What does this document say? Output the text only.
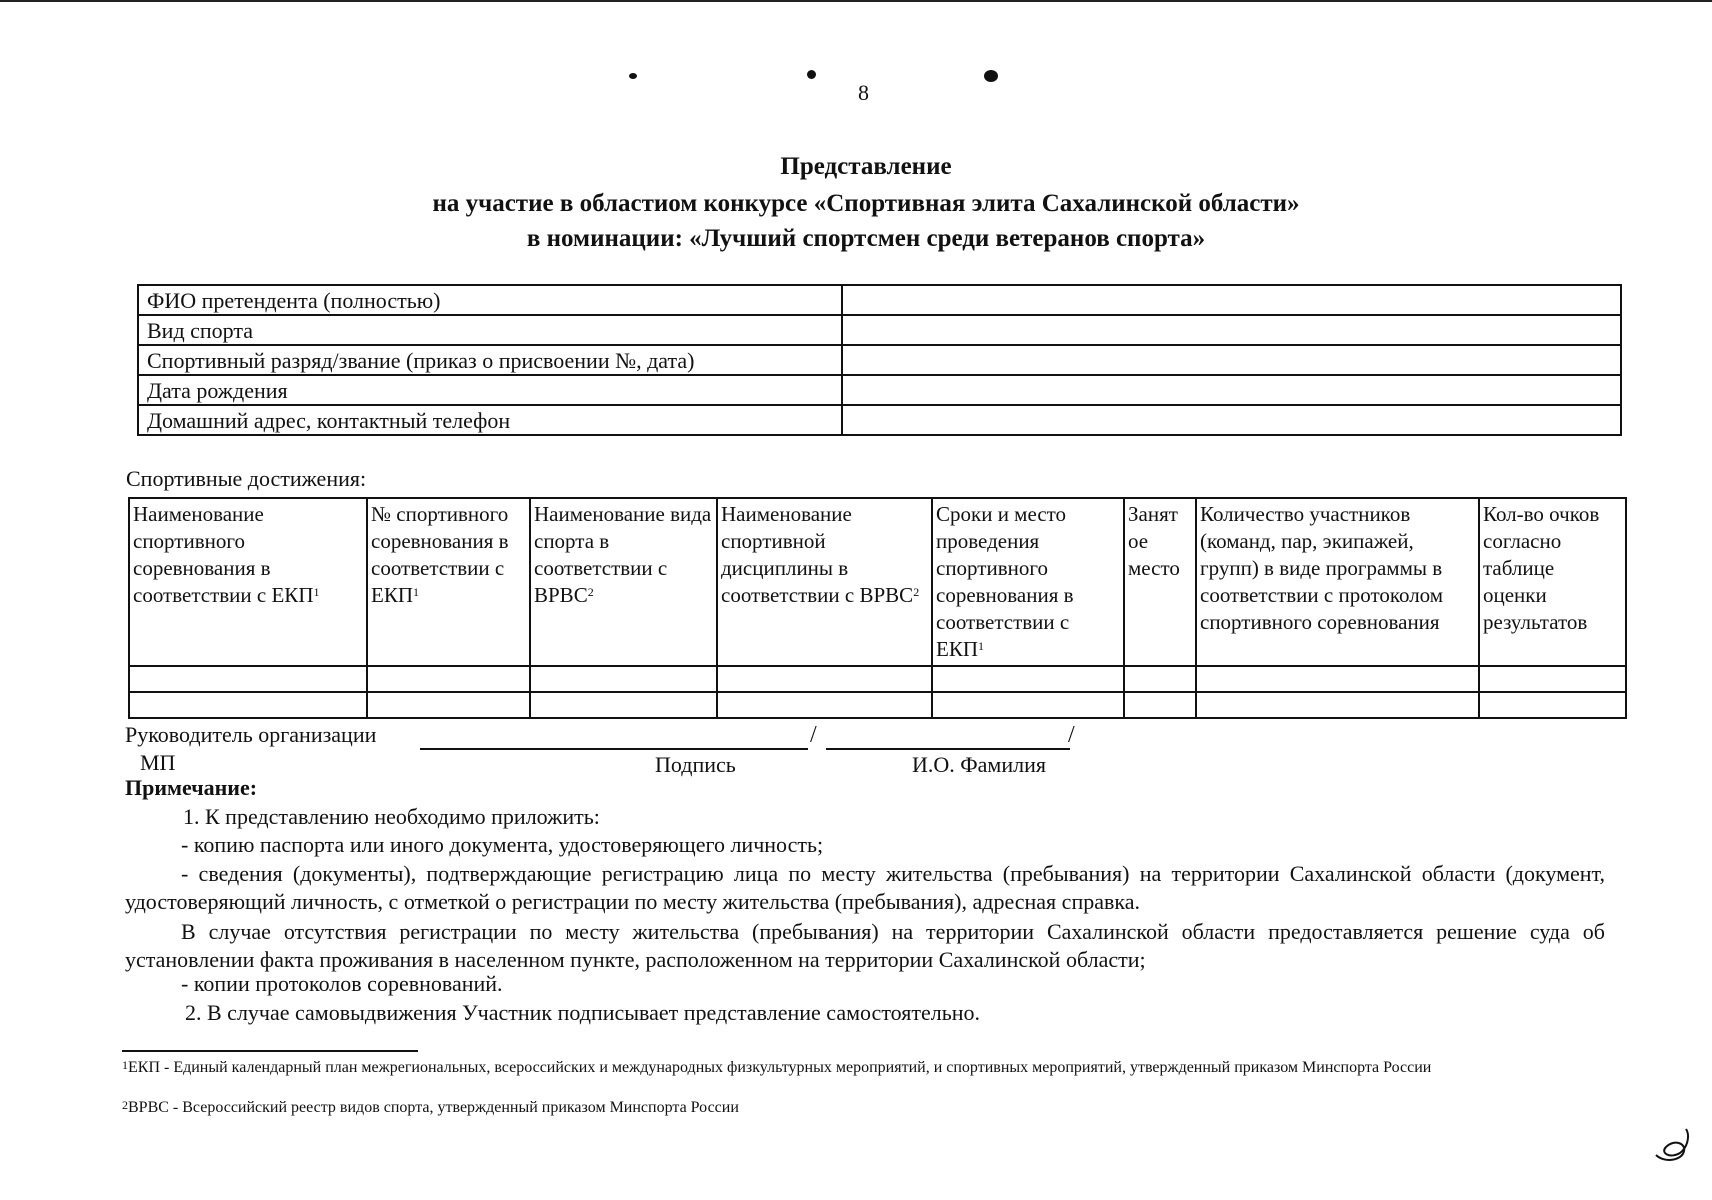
8
Представление
на участие в областиом конкурсе «Спортивная элита Сахалинской области»
в номинации: «Лучший спортсмен среди ветеранов спорта»
ФИО претендента (полностью)	
Вид спорта	
Спортивный разряд/звание (приказ о присвоении №, дата)	
Дата рождения	
Домашний адрес, контактный телефон	
Спортивные достижения:
Наименование спортивного соревнования в соответствии с ЕКП$^1$	№ спортивного соревнования в соответствии с ЕКП$^1$	Наименование вида спорта в соответствии с ВРВС$^2$	Наименование спортивной дисциплины в соответствии с ВРВС$^2$	Сроки и место проведения спортивного соревнования в соответствии с ЕКП$^1$	Занят ое место	Количество участников (команд, пар, экипажей, групп) в виде программы в соответствии с протоколом спортивного соревнования	Кол-во очков согласно таблице оценки результатов

Руководитель организации	/	/
МП	Подпись	И.О. Фамилия
Примечание:
1. К представлению необходимо приложить:
- копию паспорта или иного документа, удостоверяющего личность;
- сведения (документы), подтверждающие регистрацию лица по месту жительства (пребывания) на территории Сахалинской области (документ, удостоверяющий личность, с отметкой о регистрации по месту жительства (пребывания), адресная справка.
В случае отсутствия регистрации по месту жительства (пребывания) на территории Сахалинской области предоставляется решение суда об установлении факта проживания в населенном пункте, расположенном на территории Сахалинской области;
- копии протоколов соревнований.
2. В случае самовыдвижения Участник подписывает представление самостоятельно.
$^1$ЕКП - Единый календарный план межрегиональных, всероссийских и международных физкультурных мероприятий, и спортивных мероприятий, утвержденный приказом Минспорта России
$^2$ВРВС - Всероссийский реестр видов спорта, утвержденный приказом Минспорта России
